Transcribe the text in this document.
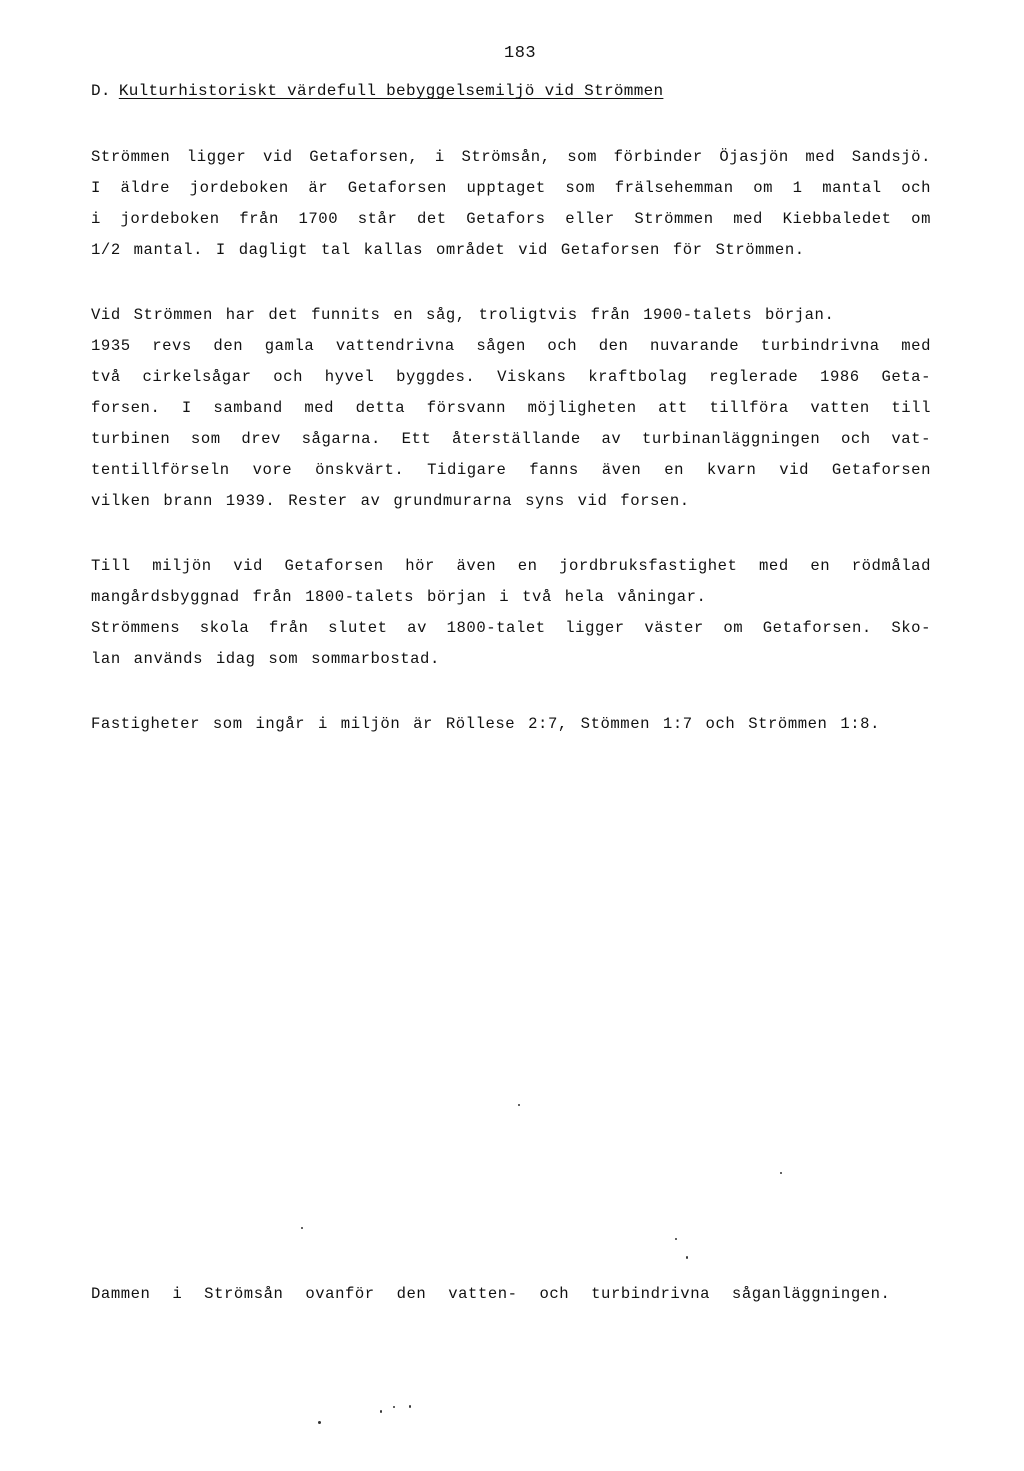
183
D. Kulturhistoriskt värdefull bebyggelsemiljö vid Strömmen
Strömmen ligger vid Getaforsen, i Strömsån, som förbinder Öjasjön med Sandsjö.
I äldre jordeboken är Getaforsen upptaget som frälsehemman om 1 mantal och
i jordeboken från 1700 står det Getafors eller Strömmen med Kiebbaledet om
1/2 mantal. I dagligt tal kallas området vid Getaforsen för Strömmen.
Vid Strömmen har det funnits en såg, troligtvis från 1900-talets början.
1935 revs den gamla vattendrivna sågen och den nuvarande turbindrivna med
två cirkelsågar och hyvel byggdes. Viskans kraftbolag reglerade 1986 Geta-
forsen. I samband med detta försvann möjligheten att tillföra vatten till
turbinen som drev sågarna. Ett återställande av turbinanläggningen och vat-
tentillförseln vore önskvärt. Tidigare fanns även en kvarn vid Getaforsen
vilken brann 1939. Rester av grundmurarna syns vid forsen.
Till miljön vid Getaforsen hör även en jordbruksfastighet med en rödmålad
mangårdsbyggnad från 1800-talets början i två hela våningar.
Strömmens skola från slutet av 1800-talet ligger väster om Getaforsen. Sko-
lan används idag som sommarbostad.
Fastigheter som ingår i miljön är Röllese 2:7, Stömmen 1:7 och Strömmen 1:8.
Dammen i Strömsån ovanför den vatten- och turbindrivna såganläggningen.
